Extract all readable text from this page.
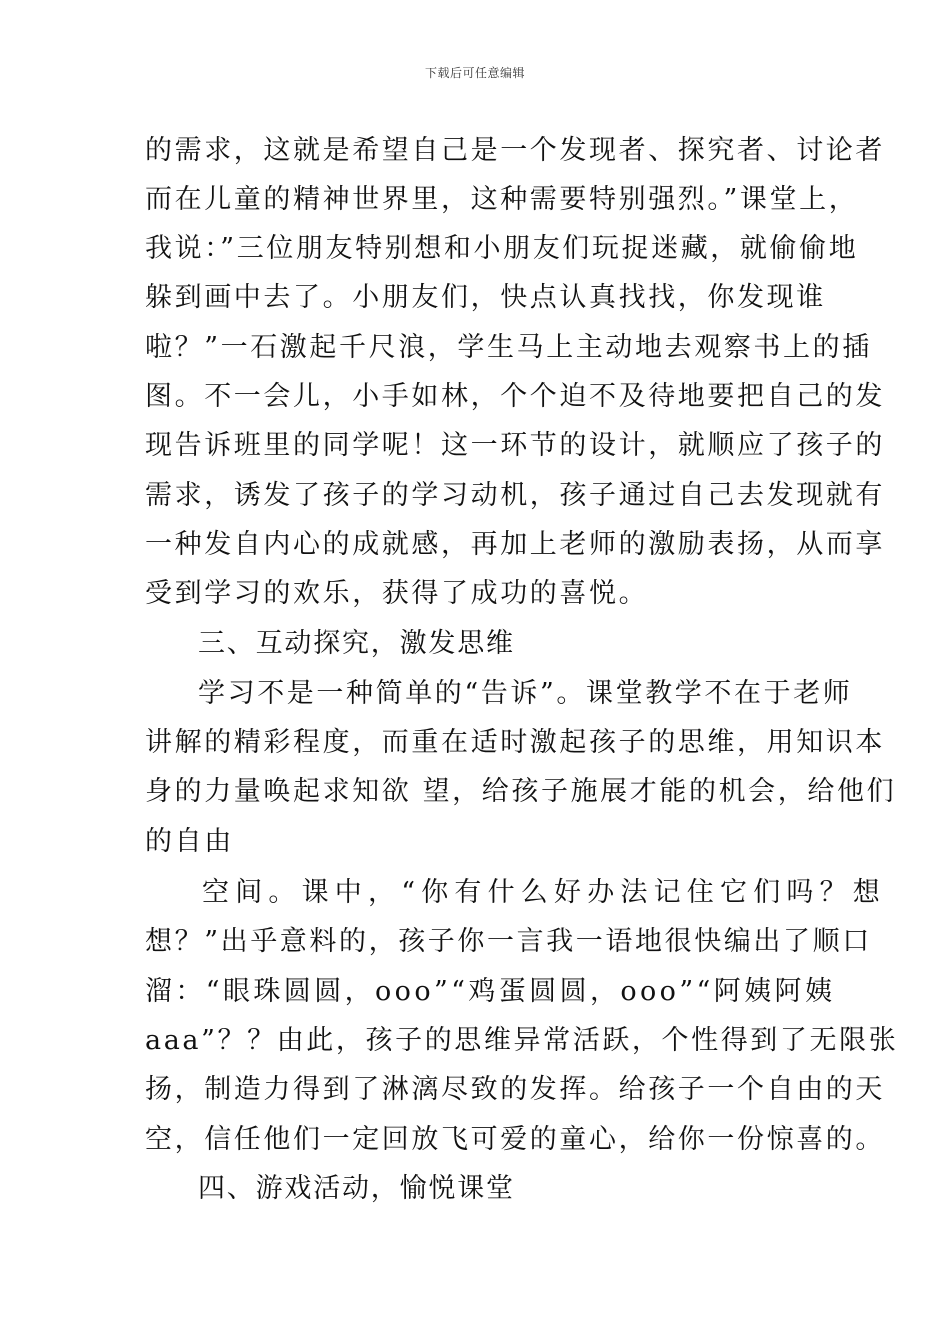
下载后可任意编辑
的需求，这就是希望自己是一个发现者、探究者、讨论者
而在儿童的精神世界里，这种需要特别强烈。”课堂上，
我说：”三位朋友特别想和小朋友们玩捉迷藏，就偷偷地
躲到画中去了。小朋友们，快点认真找找，你发现谁
啦？”一石激起千尺浪，学生马上主动地去观察书上的插
图。不一会儿，小手如林，个个迫不及待地要把自己的发
现告诉班里的同学呢！这一环节的设计，就顺应了孩子的
需求，诱发了孩子的学习动机，孩子通过自己去发现就有
一种发自内心的成就感，再加上老师的激励表扬，从而享
受到学习的欢乐，获得了成功的喜悦。
三、互动探究，激发思维
学习不是一种简单的“告诉”。课堂教学不在于老师
讲解的精彩程度，而重在适时激起孩子的思维，用知识本
身的力量唤起求知欲 望，给孩子施展才能的机会，给他们
的自由
空间。课中，“你有什么好办法记住它们吗？想
想？”出乎意料的，孩子你一言我一语地很快编出了顺口
溜：“眼珠圆圆，ooo”“鸡蛋圆圆，ooo”“阿姨阿姨
aaa”？？由此，孩子的思维异常活跃，个性得到了无限张
扬，制造力得到了淋漓尽致的发挥。给孩子一个自由的天
空，信任他们一定回放飞可爱的童心，给你一份惊喜的。
四、游戏活动，愉悦课堂
